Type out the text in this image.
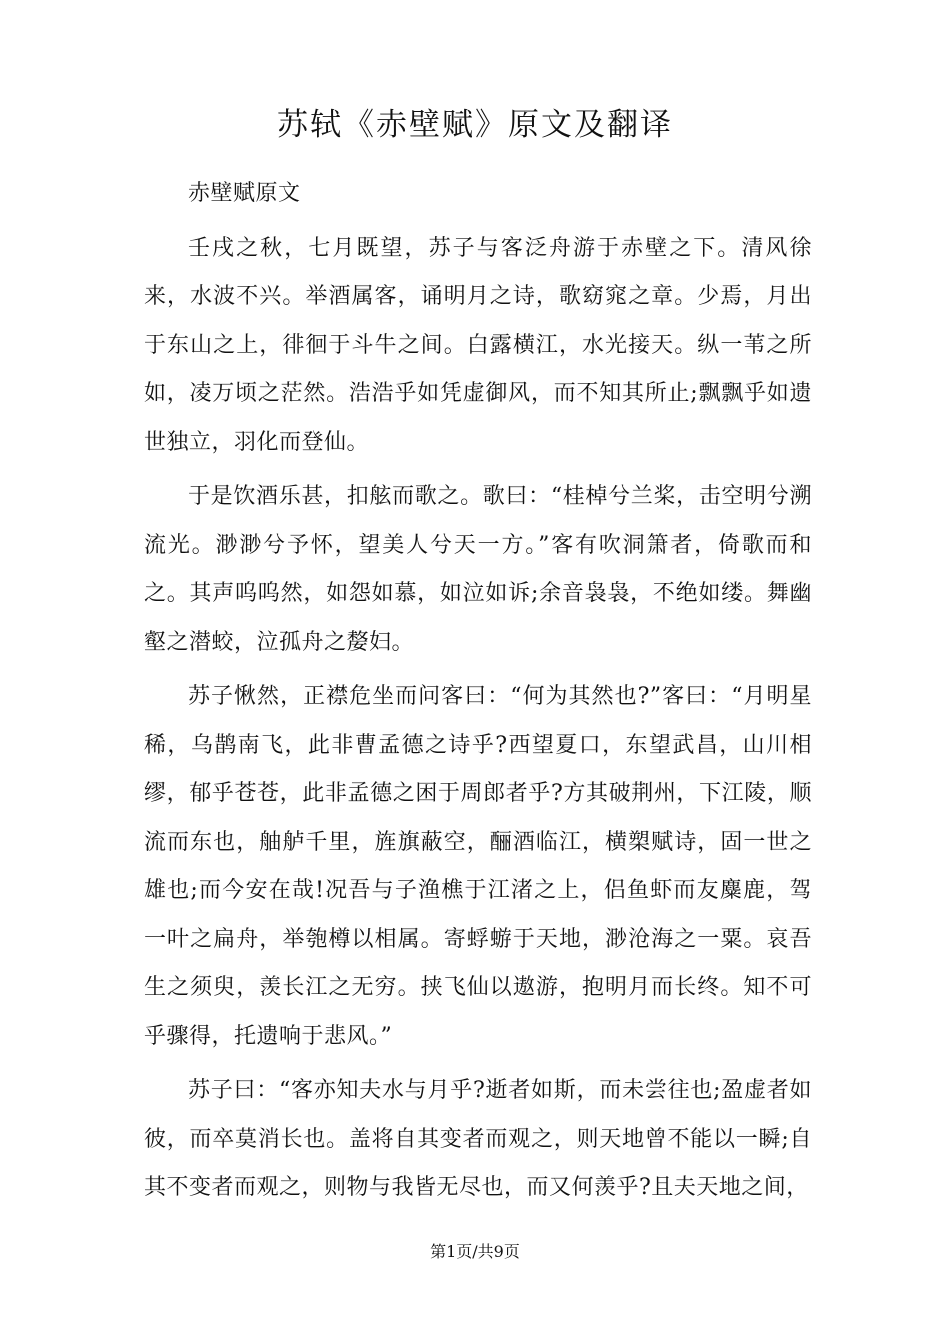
苏轼《赤壁赋》原文及翻译

赤壁赋原文

壬戌之秋，七月既望，苏子与客泛舟游于赤壁之下。清风徐来，水波不兴。举酒属客，诵明月之诗，歌窈窕之章。少焉，月出于东山之上，徘徊于斗牛之间。白露横江，水光接天。纵一苇之所如，凌万顷之茫然。浩浩乎如凭虚御风，而不知其所止;飘飘乎如遗世独立，羽化而登仙。

于是饮酒乐甚，扣舷而歌之。歌曰：“桂棹兮兰桨，击空明兮溯流光。渺渺兮予怀，望美人兮天一方。”客有吹洞箫者，倚歌而和之。其声呜呜然，如怨如慕，如泣如诉;余音袅袅，不绝如缕。舞幽壑之潜蛟，泣孤舟之嫠妇。

苏子愀然，正襟危坐而问客曰：“何为其然也?”客曰：“月明星稀，乌鹊南飞，此非曹孟德之诗乎?西望夏口，东望武昌，山川相缪，郁乎苍苍，此非孟德之困于周郎者乎?方其破荆州，下江陵，顺流而东也，舳舻千里，旌旗蔽空，酾酒临江，横槊赋诗，固一世之雄也;而今安在哉!况吾与子渔樵于江渚之上，侣鱼虾而友麋鹿，驾一叶之扁舟，举匏樽以相属。寄蜉蝣于天地，渺沧海之一粟。哀吾生之须臾，羡长江之无穷。挟飞仙以遨游，抱明月而长终。知不可乎骤得，托遗响于悲风。”

苏子曰：“客亦知夫水与月乎?逝者如斯，而未尝往也;盈虚者如彼，而卒莫消长也。盖将自其变者而观之，则天地曾不能以一瞬;自其不变者而观之，则物与我皆无尽也，而又何羡乎?且夫天地之间，

第1页/共9页
